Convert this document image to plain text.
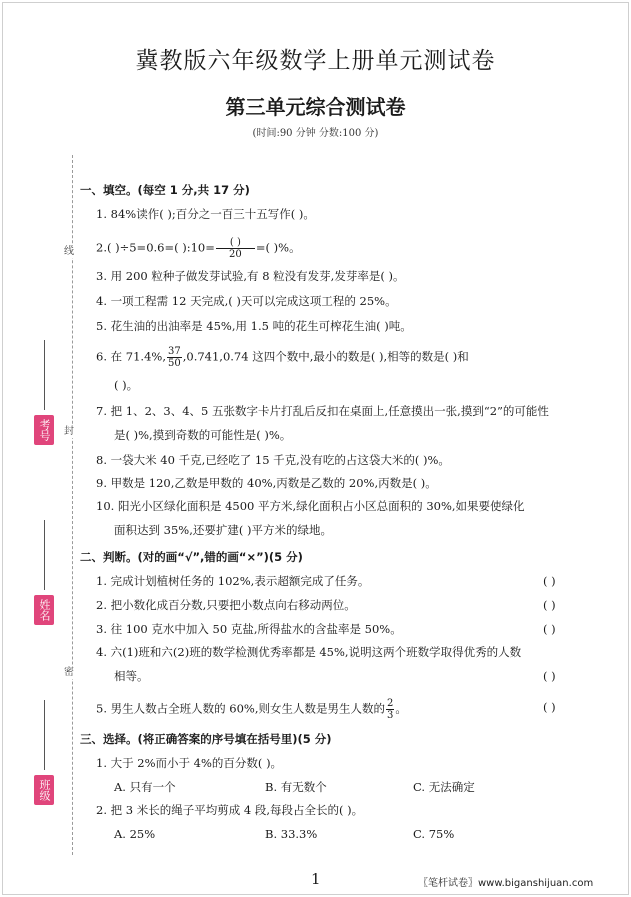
线
封
密
考号
姓名
班级
冀教版六年级数学上册单元测试卷
第三单元综合测试卷
(时间:90 分钟 分数:100 分)
一、填空。(每空 1 分,共 17 分)
1. 84%读作( );百分之一百三十五写作( )。
2.( )÷5=0.6=( ):10= $\frac{( )}{20}$ =( )%。
3. 用 200 粒种子做发芽试验,有 8 粒没有发芽,发芽率是( )。
4. 一项工程需 12 天完成,( )天可以完成这项工程的 25%。
5. 花生油的出油率是 45%,用 1.5 吨的花生可榨花生油( )吨。
6. 在 71.4%, $\frac{37}{50} ,0.741,0.74$ 这四个数中,最小的数是( ),相等的数是( )和
( )。
7. 把 1、2、3、4、5 五张数字卡片打乱后反扣在桌面上,任意摸出一张,摸到“2”的可能性
是( )%,摸到奇数的可能性是( )%。
8. 一袋大米 40 千克,已经吃了 15 千克,没有吃的占这袋大米的( )%。
9. 甲数是 120,乙数是甲数的 40%,丙数是乙数的 20%,丙数是( )。
10. 阳光小区绿化面积是 4500 平方米,绿化面积占小区总面积的 30%,如果要使绿化
面积达到 35%,还要扩建( )平方米的绿地。
二、判断。(对的画“√”,错的画“×”)(5 分)
1. 完成计划植树任务的 102%,表示超额完成了任务。	( )
2. 把小数化成百分数,只要把小数点向右移动两位。	( )
3. 往 100 克水中加入 50 克盐,所得盐水的含盐率是 50%。	( )
4. 六(1)班和六(2)班的数学检测优秀率都是 45%,说明这两个班数学取得优秀的人数
相等。	( )
5. 男生人数占全班人数的 60%,则女生人数是男生人数的 $\frac{2}{3}$ 。	( )
三、选择。(将正确答案的序号填在括号里)(5 分)
1. 大于 2%而小于 4%的百分数( )。
A. 只有一个	B. 有无数个	C. 无法确定
2. 把 3 米长的绳子平均剪成 4 段,每段占全长的( )。
A. 25%	B. 33.3%	C. 75%
1	〖笔杆试卷〗www.biganshijuan.com
